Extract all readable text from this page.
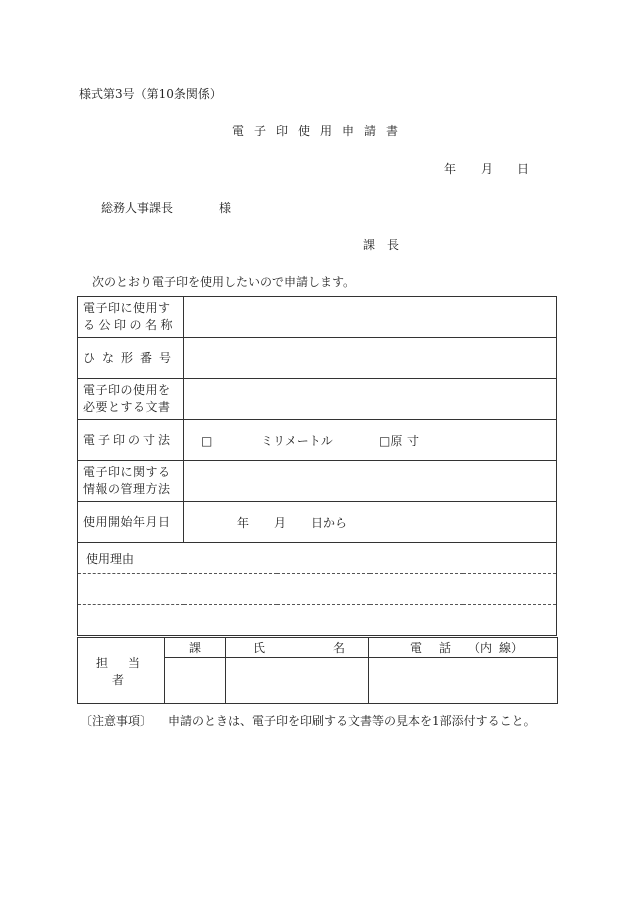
様式第3号（第10条関係）
電子印使用申請書
年 月 日
総務人事課長	様
課　長
次のとおり電子印を使用したいので申請します。
電子印に使用す
る公印の名称	

ひな形番号	

電子印の使用を
必要とする文書	

電子印の寸法	□ ミリメートル □原 寸

電子印に関する
情報の管理方法	

使用開始年月日	年 月 日から
使用理由	

担当者	課	氏 名	電 話 （内 線）

〔注意事項〕 申請のときは、電子印を印刷する文書等の見本を1部添付すること。
